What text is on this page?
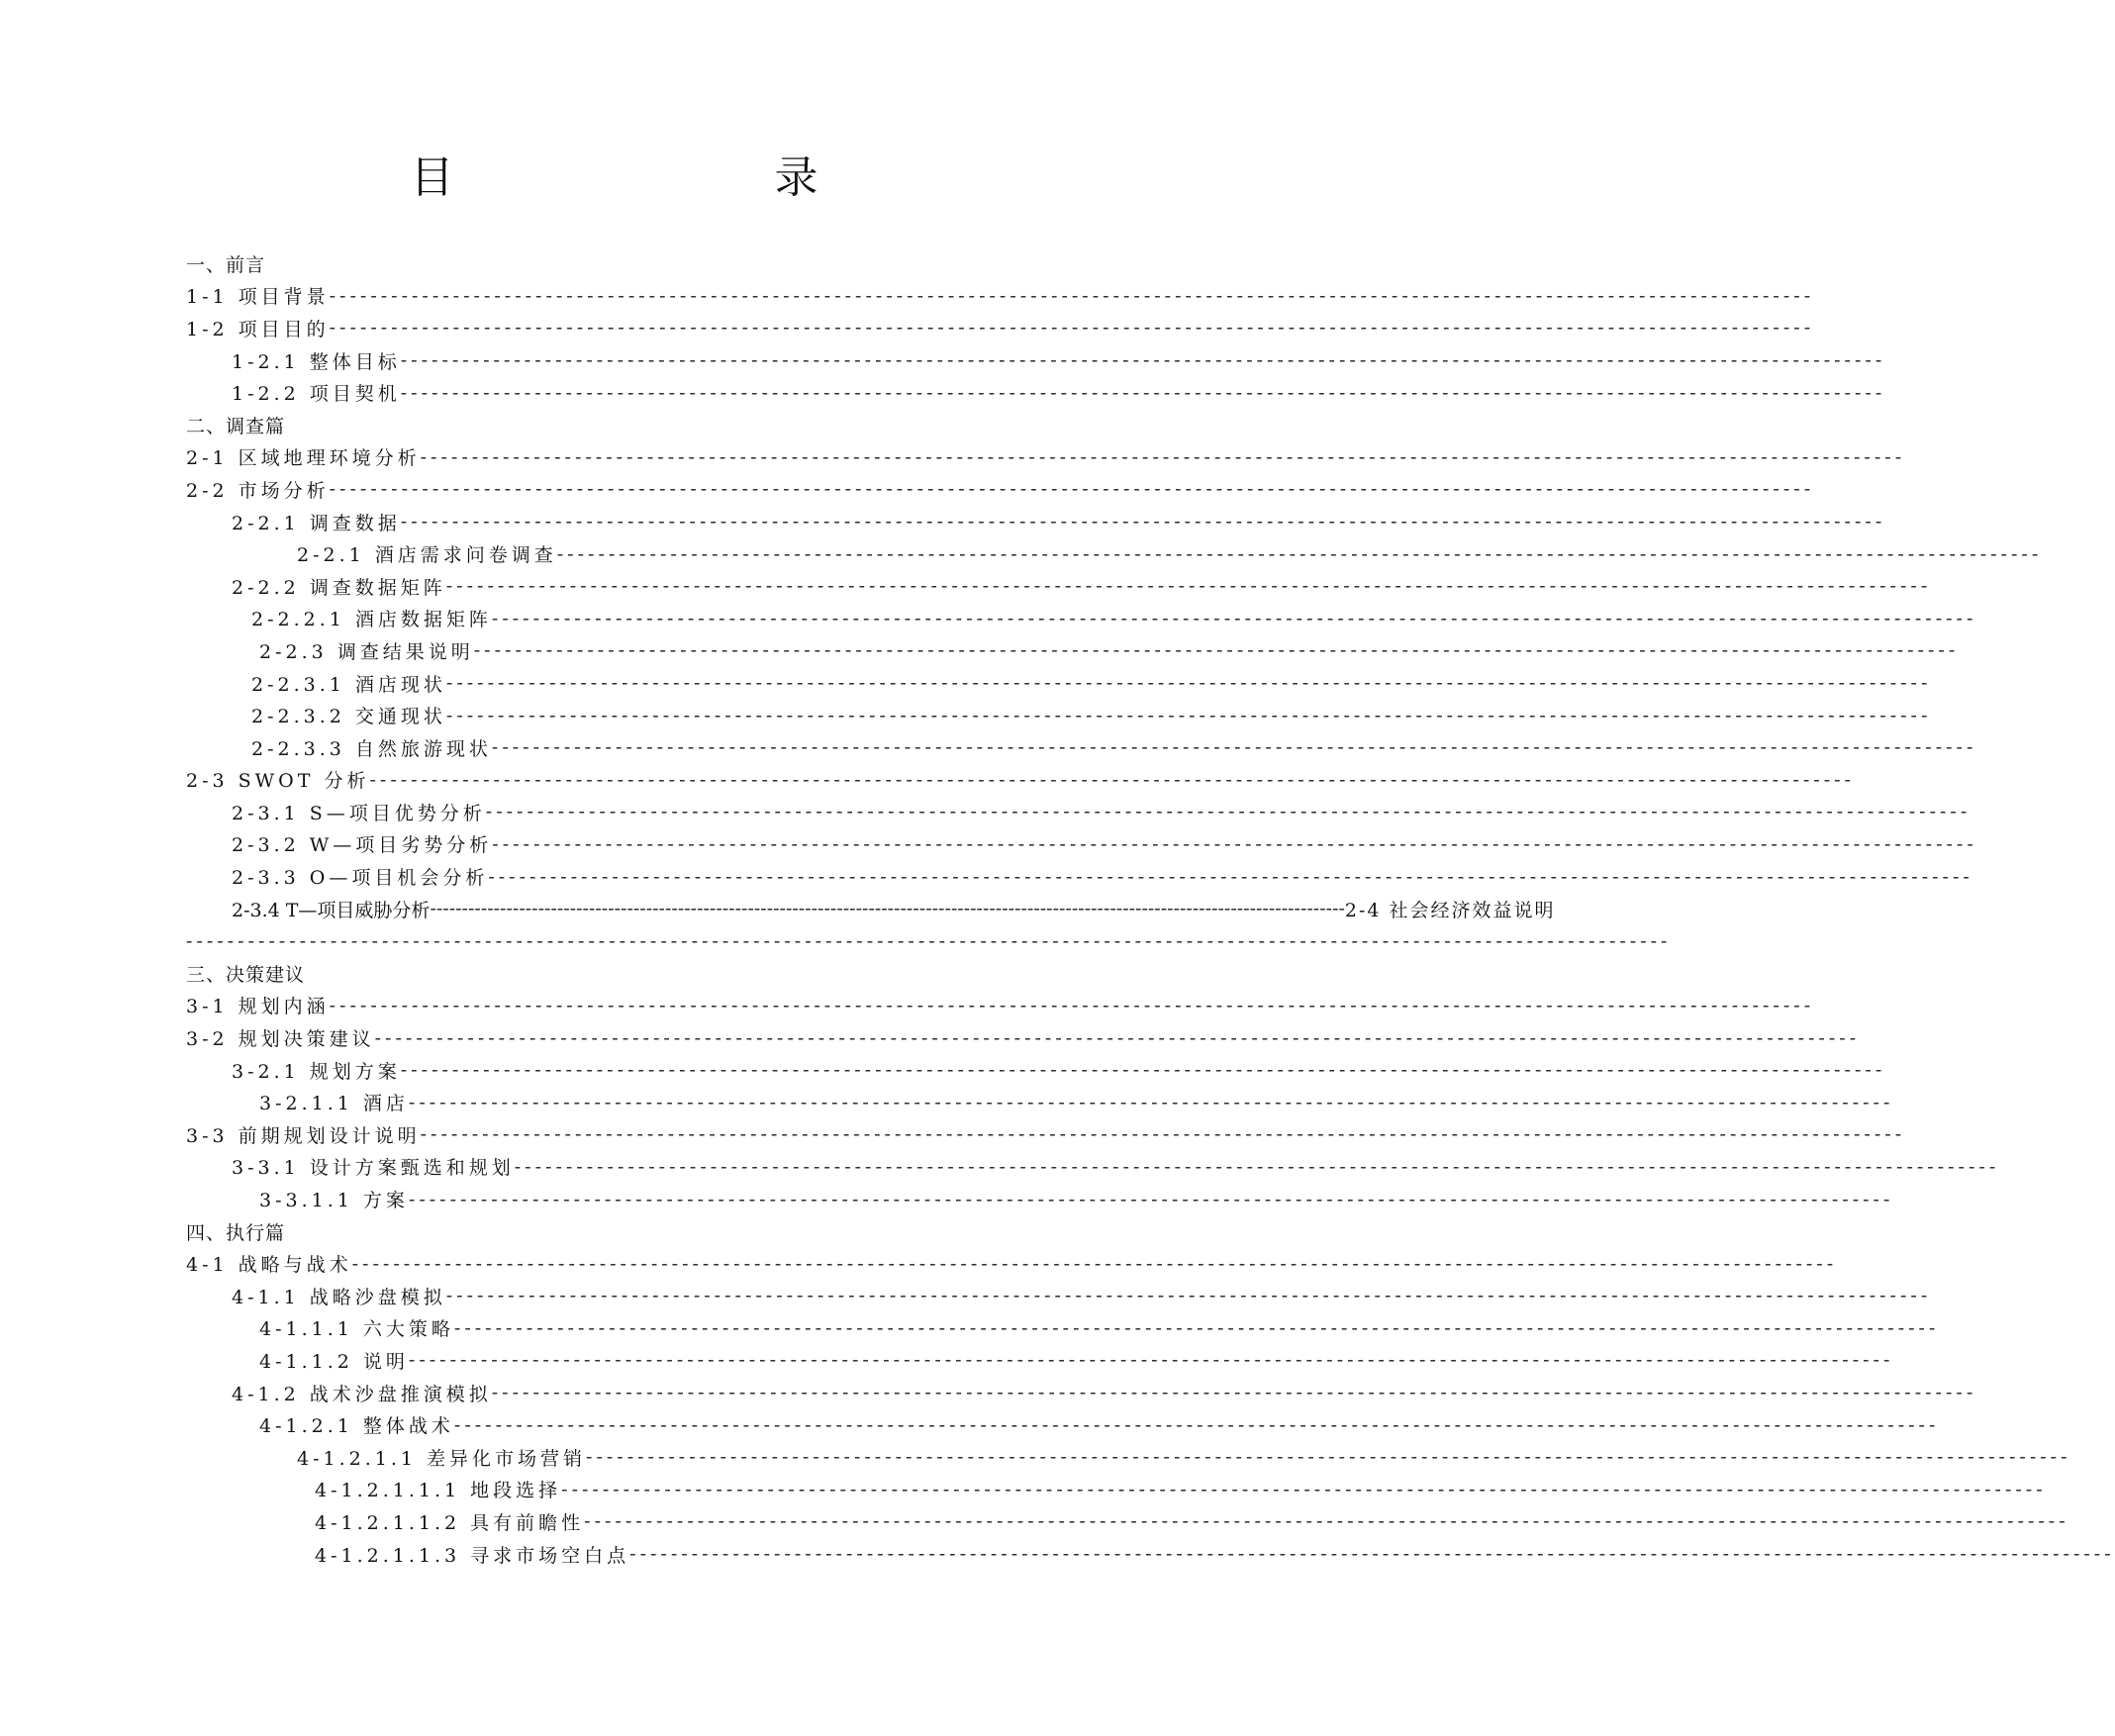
目　录
一、前言
1-1 项目背景 ------------------------------------------------------------------------------------------------------------------------------------------------
1-2 项目目的 ------------------------------------------------------------------------------------------------------------------------------------------------
1-2.1 整体目标 ------------------------------------------------------------------------------------------------------------------------------------------------
1-2.2 项目契机 ------------------------------------------------------------------------------------------------------------------------------------------------
二、调查篇
2-1 区域地理环境分析 ------------------------------------------------------------------------------------------------------------------------------------------------
2-2 市场分析 ------------------------------------------------------------------------------------------------------------------------------------------------
2-2.1 调查数据 ------------------------------------------------------------------------------------------------------------------------------------------------
2-2.1 酒店需求问卷调查 ------------------------------------------------------------------------------------------------------------------------------------------------
2-2.2 调查数据矩阵 ------------------------------------------------------------------------------------------------------------------------------------------------
2-2.2.1 酒店数据矩阵 ------------------------------------------------------------------------------------------------------------------------------------------------
2-2.3 调查结果说明 ------------------------------------------------------------------------------------------------------------------------------------------------
2-2.3.1 酒店现状 ------------------------------------------------------------------------------------------------------------------------------------------------
2-2.3.2 交通现状 ------------------------------------------------------------------------------------------------------------------------------------------------
2-2.3.3 自然旅游现状 ------------------------------------------------------------------------------------------------------------------------------------------------
2-3 SWOT 分析 ------------------------------------------------------------------------------------------------------------------------------------------------
2-3.1 S—项目优势分析 ------------------------------------------------------------------------------------------------------------------------------------------------
2-3.2 W—项目劣势分析 ------------------------------------------------------------------------------------------------------------------------------------------------
2-3.3 O—项目机会分析 ------------------------------------------------------------------------------------------------------------------------------------------------
2-3.4 T—项目威胁分析 ------------------------------------------------------------------------------------------------------------------------------------------------ 2-4 社会经济效益说明
------------------------------------------------------------------------------------------------------------------------------------------------
三、决策建议
3-1 规划内涵 ------------------------------------------------------------------------------------------------------------------------------------------------
3-2 规划决策建议 ------------------------------------------------------------------------------------------------------------------------------------------------
3-2.1 规划方案 ------------------------------------------------------------------------------------------------------------------------------------------------
3-2.1.1 酒店 ------------------------------------------------------------------------------------------------------------------------------------------------
3-3 前期规划设计说明 ------------------------------------------------------------------------------------------------------------------------------------------------
3-3.1 设计方案甄选和规划 ------------------------------------------------------------------------------------------------------------------------------------------------
3-3.1.1 方案 ------------------------------------------------------------------------------------------------------------------------------------------------
四、执行篇
4-1 战略与战术 ------------------------------------------------------------------------------------------------------------------------------------------------
4-1.1 战略沙盘模拟 ------------------------------------------------------------------------------------------------------------------------------------------------
4-1.1.1 六大策略 ------------------------------------------------------------------------------------------------------------------------------------------------
4-1.1.2 说明 ------------------------------------------------------------------------------------------------------------------------------------------------
4-1.2 战术沙盘推演模拟 ------------------------------------------------------------------------------------------------------------------------------------------------
4-1.2.1 整体战术 ------------------------------------------------------------------------------------------------------------------------------------------------
4-1.2.1.1 差异化市场营销 ------------------------------------------------------------------------------------------------------------------------------------------------
4-1.2.1.1.1 地段选择 ------------------------------------------------------------------------------------------------------------------------------------------------
4-1.2.1.1.2 具有前瞻性 ------------------------------------------------------------------------------------------------------------------------------------------------
4-1.2.1.1.3 寻求市场空白点 ------------------------------------------------------------------------------------------------------------------------------------------------
